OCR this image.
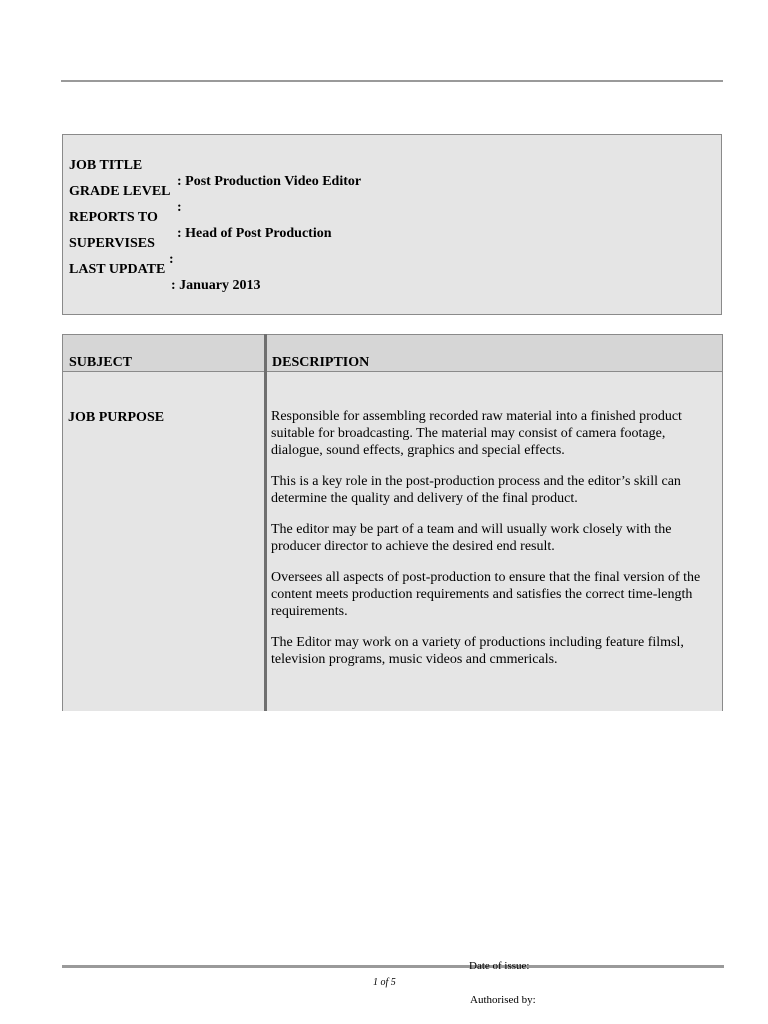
JOB TITLE

: Post Production Video Editor

GRADE LEVEL

:

REPORTS TO

: Head of Post Production

SUPERVISES

:

LAST UPDATE

: January 2013

SUBJECT	DESCRIPTION
JOB PURPOSE	Responsible for assembling recorded raw material into a finished product suitable for broadcasting. The material may consist of camera footage, dialogue, sound effects, graphics and special effects.

This is a key role in the post-production process and the editor’s skill can determine the quality and delivery of the final product.

The editor may be part of a team and will usually work closely with the producer director to achieve the desired end result.

Oversees all aspects of post-production to ensure that the final version of the content meets production requirements and satisfies the correct time-length requirements.

The Editor may work on a variety of productions including feature filmsl, television programs, music videos and cmmericals.

Date of issue:
1 of 5
Authorised by:
